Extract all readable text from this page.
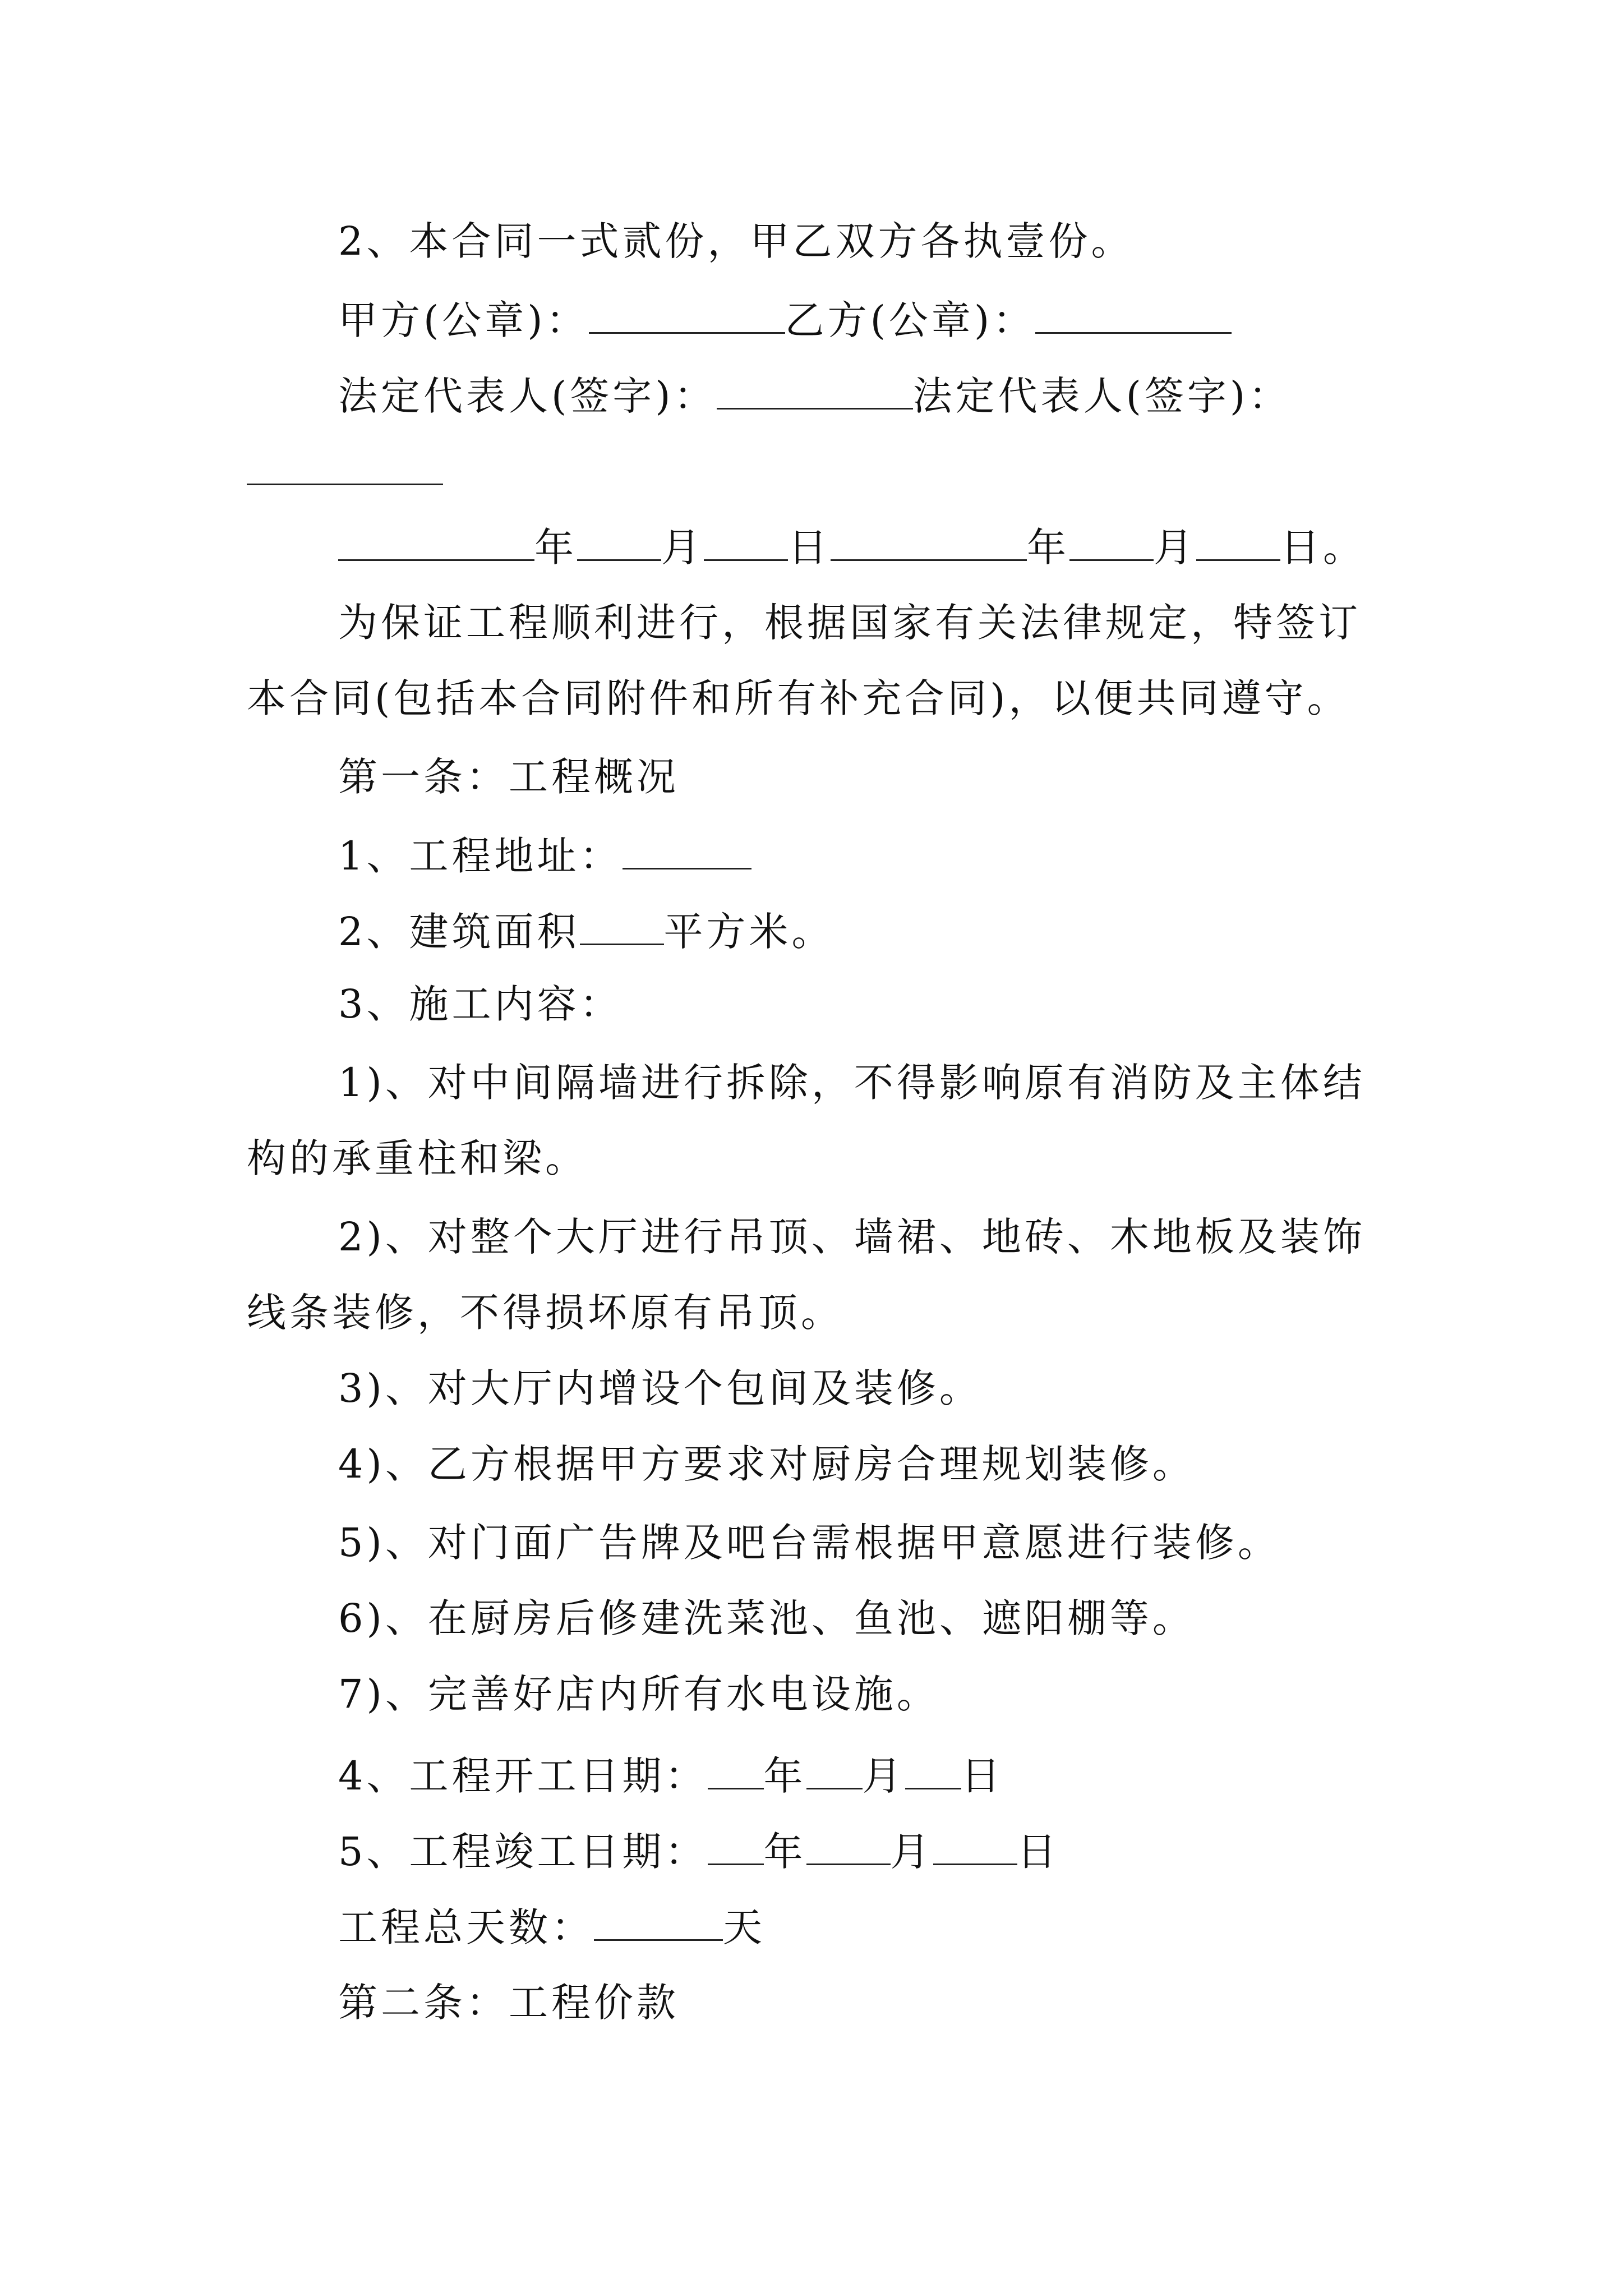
2、本合同一式贰份，甲乙双方各执壹份。
甲方(公章)：	乙方(公章)：
法定代表人(签字)：	法定代表人(签字)：
年 月 日	年 月 日。
为保证工程顺利进行，根据国家有关法律规定，特签订
本合同(包括本合同附件和所有补充合同)，以便共同遵守。
第一条：工程概况
1、工程地址：
2、建筑面积 平方米。
3、施工内容：
1)、对中间隔墙进行拆除，不得影响原有消防及主体结
构的承重柱和梁。
2)、对整个大厅进行吊顶、墙裙、地砖、木地板及装饰
线条装修，不得损坏原有吊顶。
3)、对大厅内增设个包间及装修。
4)、乙方根据甲方要求对厨房合理规划装修。
5)、对门面广告牌及吧台需根据甲意愿进行装修。
6)、在厨房后修建洗菜池、鱼池、遮阳棚等。
7)、完善好店内所有水电设施。
4、工程开工日期： 年 月 日
5、工程竣工日期： 年 月 日
工程总天数：	天
第二条：工程价款
